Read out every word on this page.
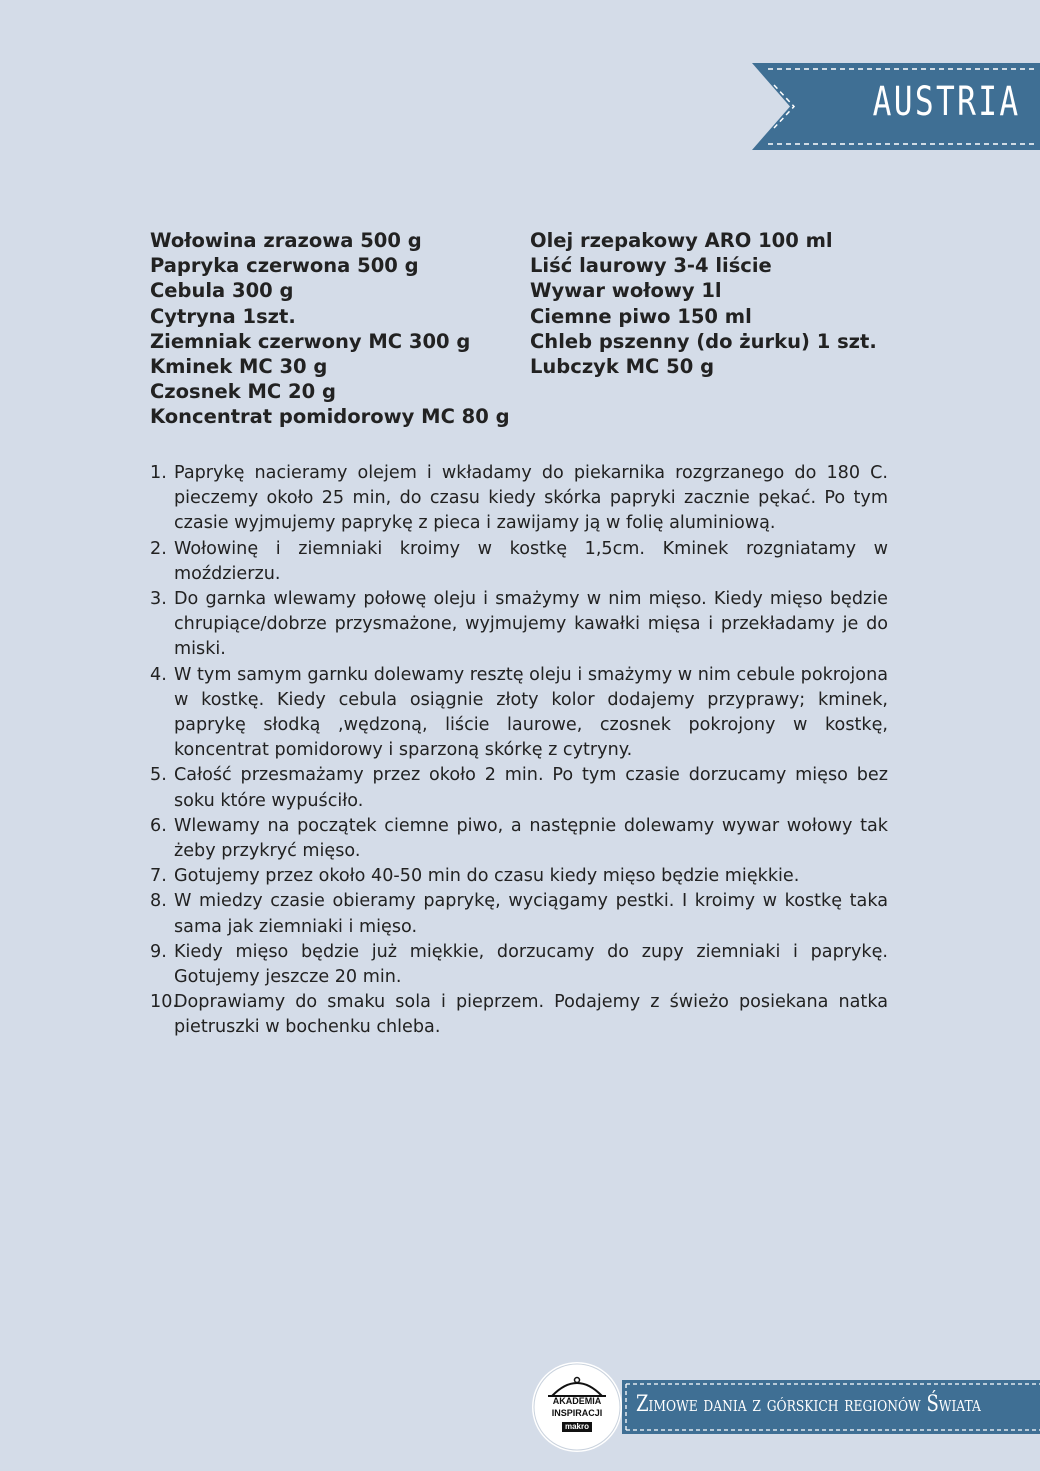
AUSTRIA
Wołowina zrazowa 500 g
Papryka czerwona 500 g
Cebula 300 g
Cytryna 1szt.
Ziemniak czerwony MC 300 g
Kminek MC 30 g
Czosnek MC 20 g
Koncentrat pomidorowy MC 80 g
Olej rzepakowy ARO 100 ml
Liść laurowy 3-4 liście
Wywar wołowy 1l
Ciemne piwo 150 ml
Chleb pszenny (do żurku) 1 szt.
Lubczyk MC 50 g
1. Paprykę nacieramy olejem i wkładamy do piekarnika rozgrzanego do 180 C. pieczemy około 25 min, do czasu kiedy skórka papryki zacznie pękać. Po tym czasie wyjmujemy paprykę z pieca i zawijamy ją w folię aluminiową.
2. Wołowinę i ziemniaki kroimy w kostkę 1,5cm. Kminek rozgniatamy w moździerzu.
3. Do garnka wlewamy połowę oleju i smażymy w nim mięso. Kiedy mięso będzie chrupiące/dobrze przysmażone, wyjmujemy kawałki mięsa i przekładamy je do miski.
4. W tym samym garnku dolewamy resztę oleju i smażymy w nim cebule pokrojona w kostkę. Kiedy cebula osiągnie złoty kolor dodajemy przyprawy; kminek, paprykę słodką ,wędzoną, liście laurowe, czosnek pokrojony w kostkę, koncentrat pomidorowy i sparzoną skórkę z cytryny.
5. Całość przesmażamy przez około 2 min. Po tym czasie dorzucamy mięso bez soku które wypuściło.
6. Wlewamy na początek ciemne piwo, a następnie dolewamy wywar wołowy tak żeby przykryć mięso.
7. Gotujemy przez około 40-50 min do czasu kiedy mięso będzie miękkie.
8. W miedzy czasie obieramy paprykę, wyciągamy pestki. I kroimy w kostkę taka sama jak ziemniaki i mięso.
9. Kiedy mięso będzie już miękkie, dorzucamy do zupy ziemniaki i paprykę. Gotujemy jeszcze 20 min.
10.
Doprawiamy do smaku sola i pieprzem. Podajemy z świeżo posiekana natka pietruszki w bochenku chleba.
Zimowe dania z górskich regionów Świata
AKADEMIA
INSPIRACJI
makro
